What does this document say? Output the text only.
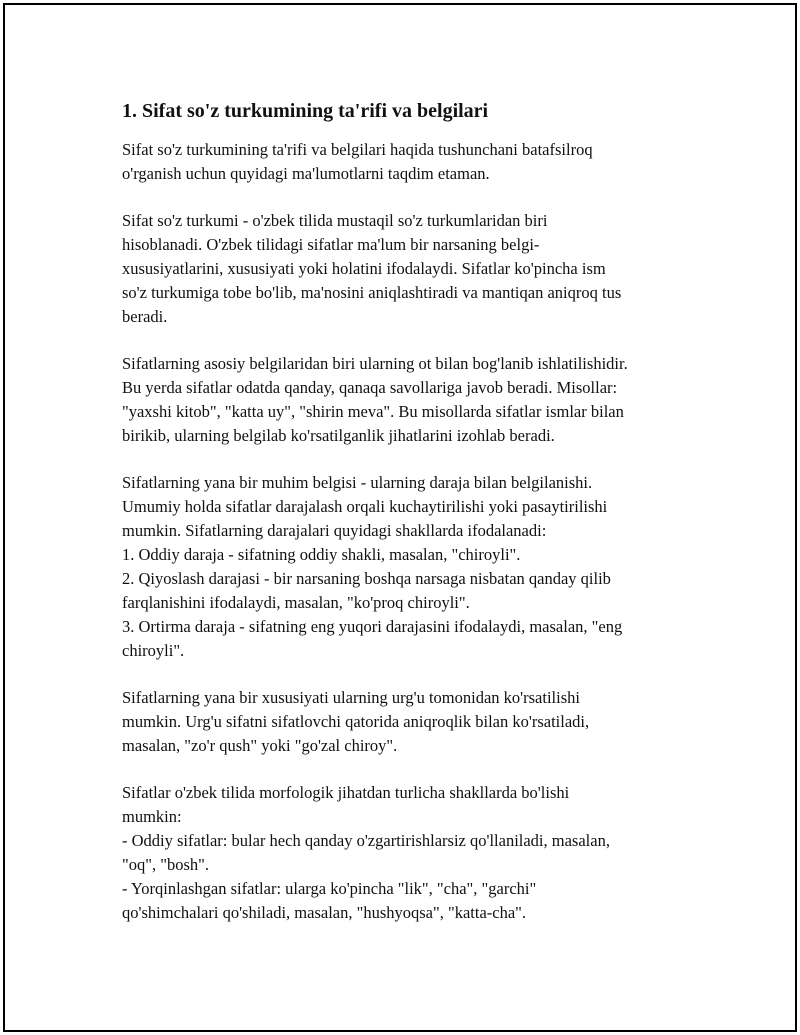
1. Sifat so'z turkumining ta'rifi va belgilari

Sifat so'z turkumining ta'rifi va belgilari haqida tushunchani batafsilroq
o'rganish uchun quyidagi ma'lumotlarni taqdim etaman.

Sifat so'z turkumi - o'zbek tilida mustaqil so'z turkumlaridan biri
hisoblanadi. O'zbek tilidagi sifatlar ma'lum bir narsaning belgi-
xususiyatlarini, xususiyati yoki holatini ifodalaydi. Sifatlar ko'pincha ism
so'z turkumiga tobe bo'lib, ma'nosini aniqlashtiradi va mantiqan aniqroq tus
beradi.

Sifatlarning asosiy belgilaridan biri ularning ot bilan bog'lanib ishlatilishidir.
Bu yerda sifatlar odatda qanday, qanaqa savollariga javob beradi. Misollar:
"yaxshi kitob", "katta uy", "shirin meva". Bu misollarda sifatlar ismlar bilan
birikib, ularning belgilab ko'rsatilganlik jihatlarini izohlab beradi.

Sifatlarning yana bir muhim belgisi - ularning daraja bilan belgilanishi.
Umumiy holda sifatlar darajalash orqali kuchaytirilishi yoki pasaytirilishi
mumkin. Sifatlarning darajalari quyidagi shakllarda ifodalanadi:
1. Oddiy daraja - sifatning oddiy shakli, masalan, "chiroyli".
2. Qiyoslash darajasi - bir narsaning boshqa narsaga nisbatan qanday qilib
farqlanishini ifodalaydi, masalan, "ko'proq chiroyli".
3. Ortirma daraja - sifatning eng yuqori darajasini ifodalaydi, masalan, "eng
chiroyli".

Sifatlarning yana bir xususiyati ularning urg'u tomonidan ko'rsatilishi
mumkin. Urg'u sifatni sifatlovchi qatorida aniqroqlik bilan ko'rsatiladi,
masalan, "zo'r qush" yoki "go'zal chiroy".

Sifatlar o'zbek tilida morfologik jihatdan turlicha shakllarda bo'lishi
mumkin:
- Oddiy sifatlar: bular hech qanday o'zgartirishlarsiz qo'llaniladi, masalan,
"oq", "bosh".
- Yorqinlashgan sifatlar: ularga ko'pincha "lik", "cha", "garchi"
qo'shimchalari qo'shiladi, masalan, "hushyoqsa", "katta-cha".
